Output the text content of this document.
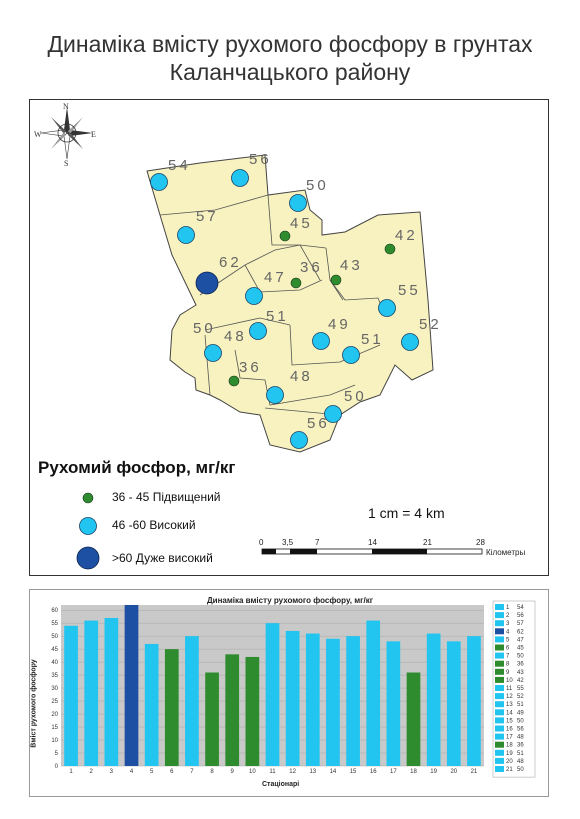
Динаміка вмісту рухомого фосфору в грунтах
Каланчацького району
N
S
E
W
54	56
50
57	45
62
47
36 43
42
55
52
51	49
50 48	51
36
48
50
56
0
5
10
15
20
25
30
35
40
45
50
55
60
1	2	3	4	5	6	7	8	9	10 11 12 13 14 15 16 17 18 19 20 21
1 54
2 56
3 57
4 62
5 47
6 45
7 50
8 36
9 43
10 42
11 55
12 52
13 51
14 49
15 50
16 56
17 48
18 36
19 51
20 48
21 50
Рухомий фосфор, мг/кг
36 - 45 Підвищений
46 -60 Високий
>60 Дуже високий
1 cm = 4 km
0 3,5	7	14	21	28
Кілометры
Динаміка вмісту рухомого фосфору, мг/кг
Вміст рухомого фосфору
Стаціонарі
